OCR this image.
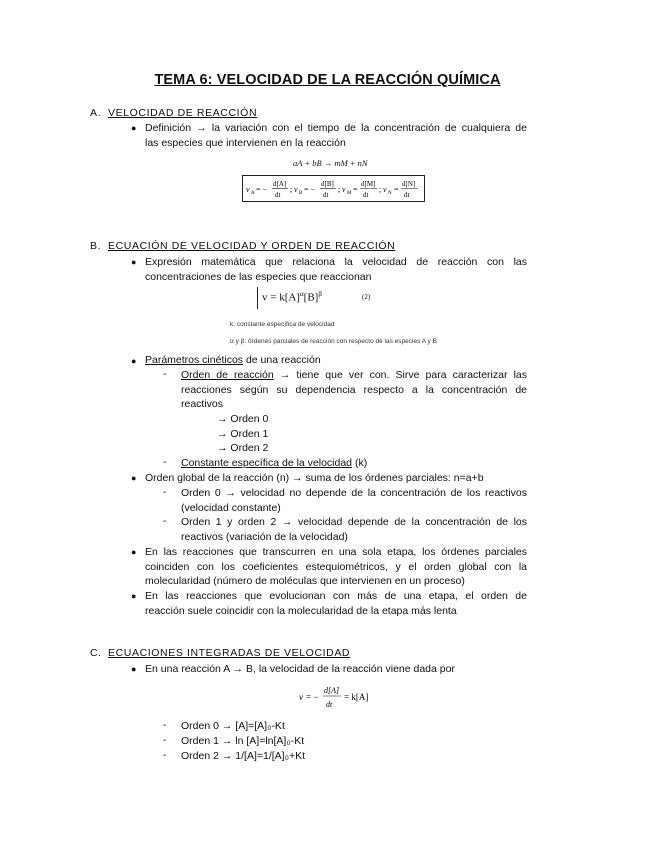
TEMA 6: VELOCIDAD DE LA REACCIÓN QUÍMICA
A. VELOCIDAD DE REACCIÓN
● Definición → la variación con el tiempo de la concentración de cualquiera de
las especies que intervienen en la reacción
aA + bB → mM + nN
v A = −
d[A]
dt
; v B = −
d[B]
dt
; v M =
d[M]
dt
; v N =
d[N]
dt
B. ECUACIÓN DE VELOCIDAD Y ORDEN DE REACCIÓN
● Expresión matemática que relaciona la velocidad de reacción con las
concentraciones de las especies que reaccionan
$v = k[A]^\alpha[B]^\beta$	(2)
k: constante específica de velocidad
α y β: órdenes parciales de reacción con respecto de las especies A y B
● Parámetros cinéticos de una reacción
- Orden de reacción → tiene que ver con. Sirve para caracterizar las
reacciones según su dependencia respecto a la concentración de
reactivos
→ Orden 0
→ Orden 1
→ Orden 2
- Constante específica de la velocidad (k)
● Orden global de la reacción (n) → suma de los órdenes parciales: n=a+b
- Orden 0 → velocidad no depende de la concentración de los reactivos
(velocidad constante)
- Orden 1 y orden 2 → velocidad depende de la concentración de los
reactivos (variación de la velocidad)
● En las reacciones que transcurren en una sola etapa, los órdenes parciales
coinciden con los coeficientes estequiométricos, y el orden global con la
molecularidad (número de moléculas que intervienen en un proceso)
● En las reacciones que evolucionan con más de una etapa, el orden de
reacción suele coincidir con la molecularidad de la etapa más lenta
C. ECUACIONES INTEGRADAS DE VELOCIDAD
● En una reacción A → B, la velocidad de la reacción viene dada por
v = −
d[A]
dt
= k[A]
- Orden 0 → [A]=[A]₀-Kt
- Orden 1 → ln [A]=ln[A]₀-Kt
- Orden 2 → 1/[A]=1/[A]₀+Kt
